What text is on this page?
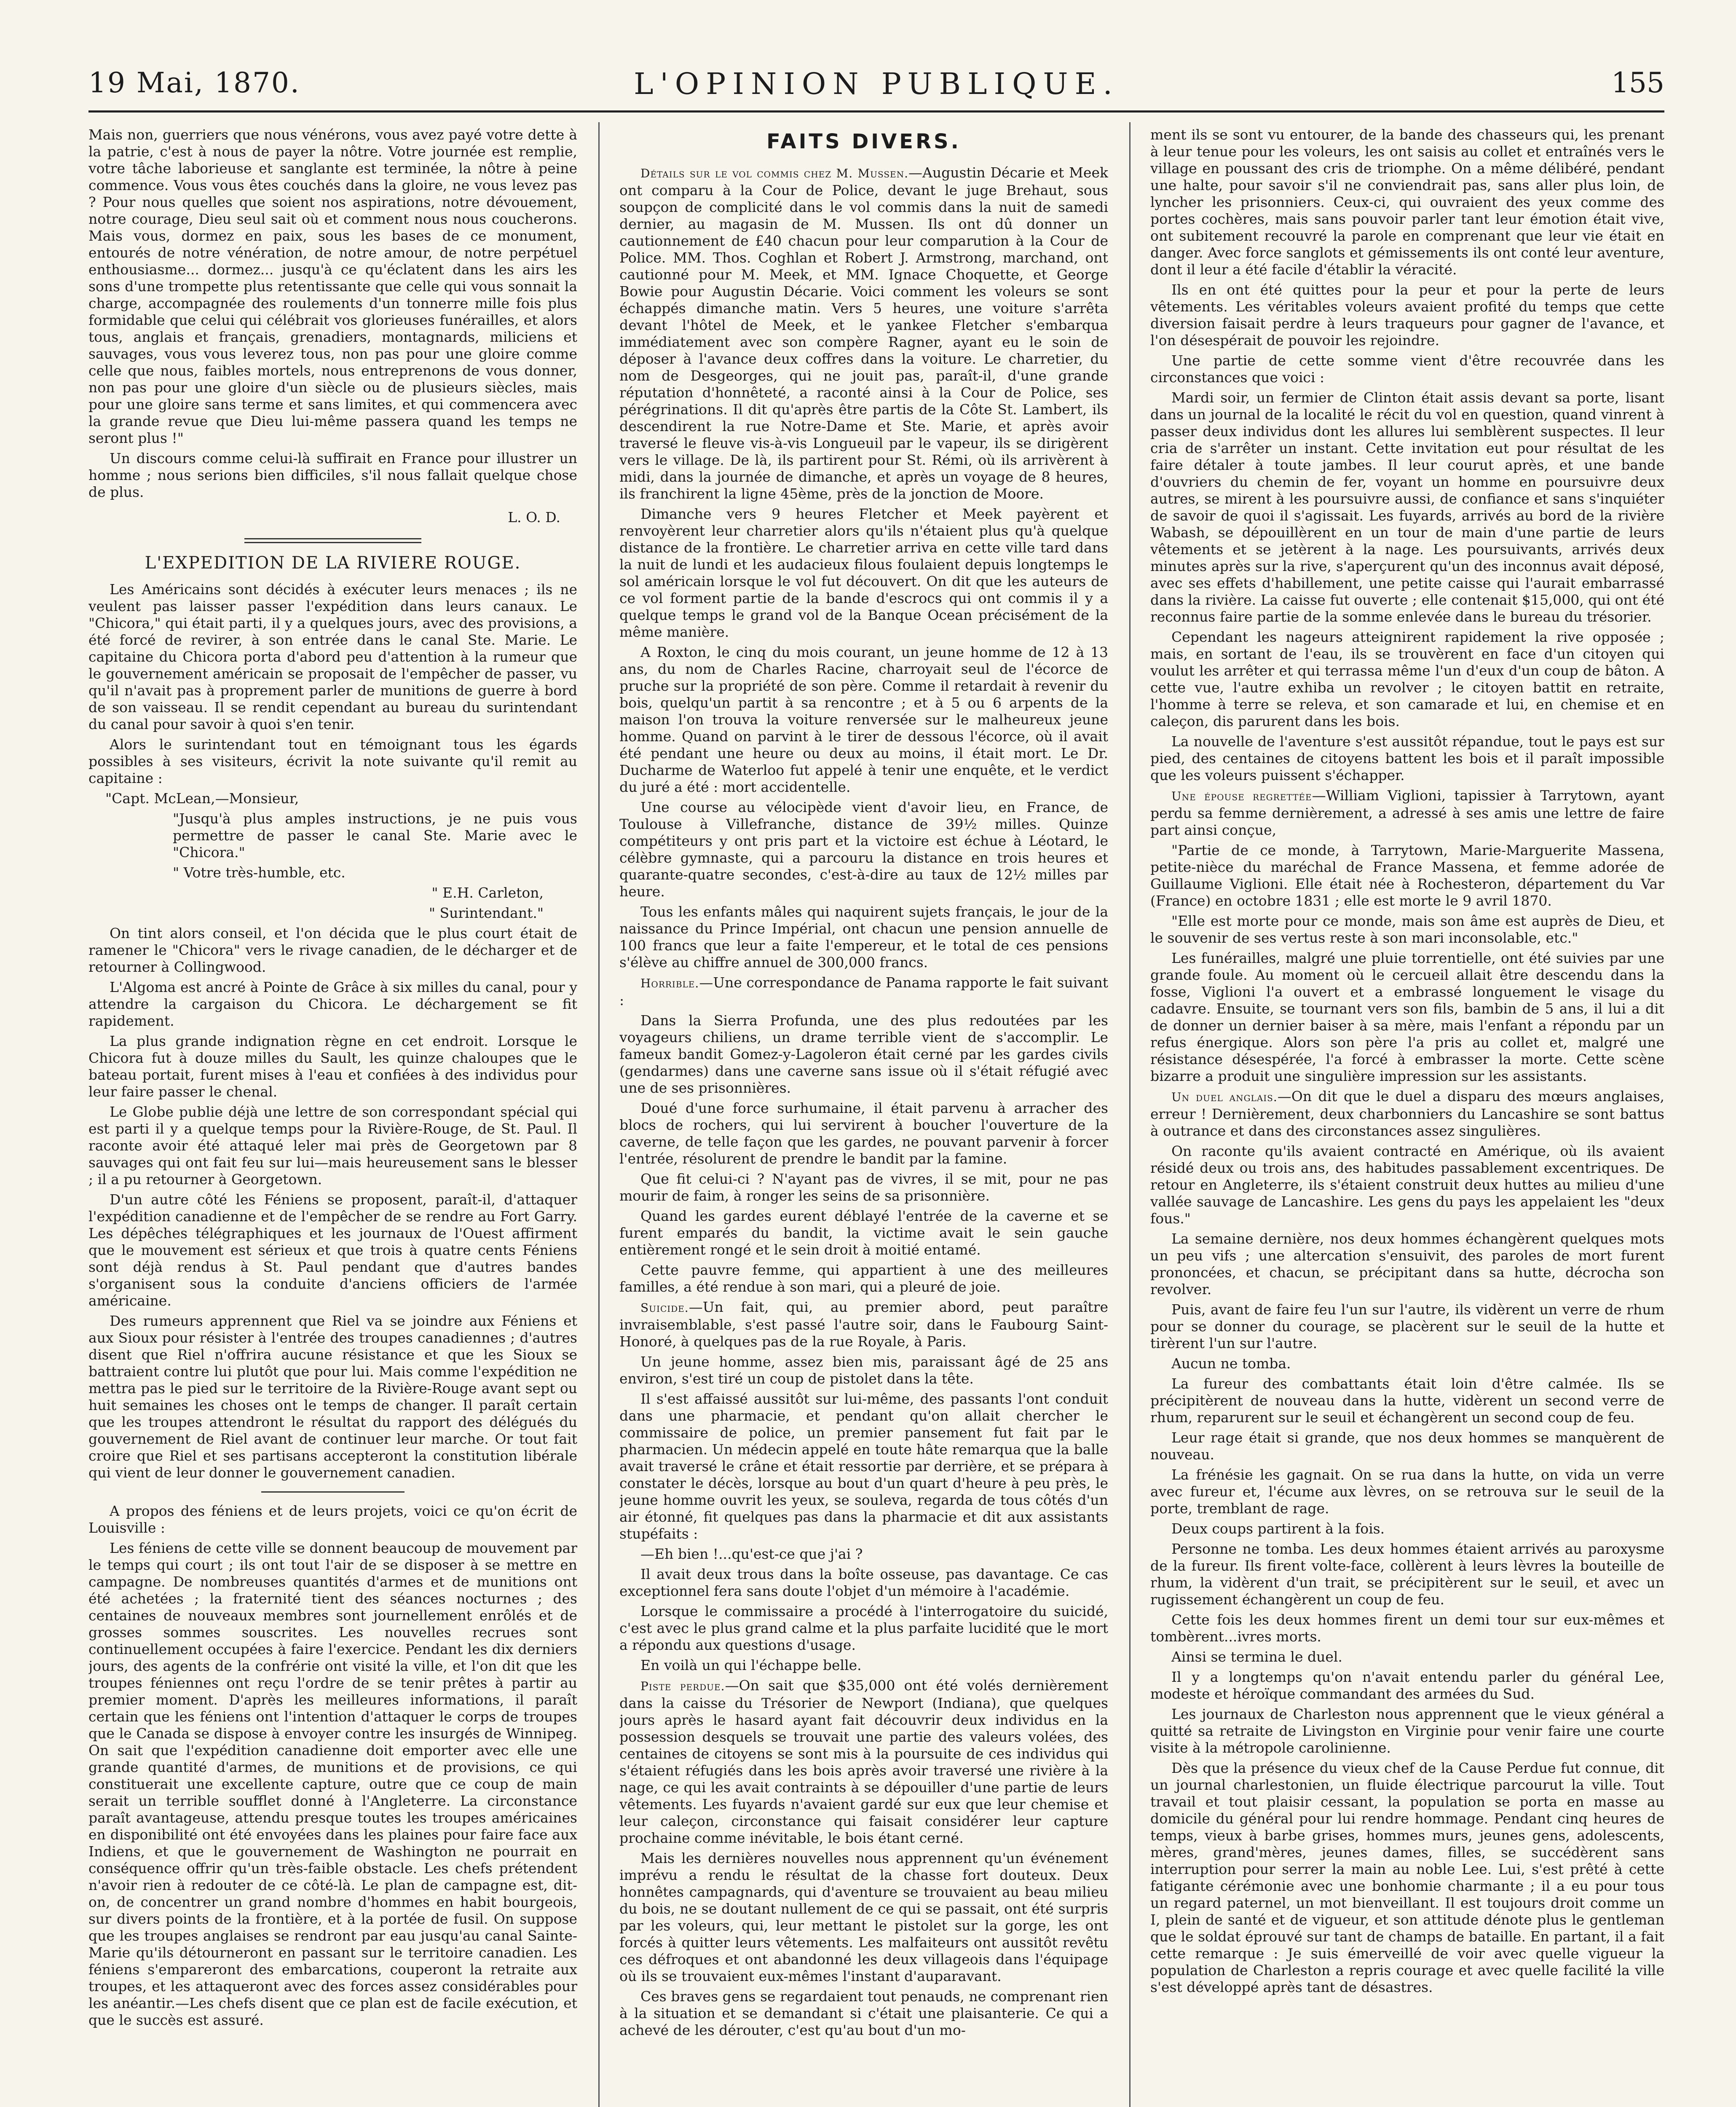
19 Mai, 1870.	L'OPINION PUBLIQUE.	155

Mais non, guerriers que nous vénérons, vous avez payé votre dette à la patrie, c'est à nous de payer la nôtre. Votre journée est remplie, votre tâche laborieuse et sanglante est terminée, la nôtre à peine commence. Vous vous êtes couchés dans la gloire, ne vous levez pas ? Pour nous quelles que soient nos aspirations, notre dévouement, notre courage, Dieu seul sait où et comment nous nous coucherons. Mais vous, dormez en paix, sous les bases de ce monument, entourés de notre vénération, de notre amour, de notre perpétuel enthousiasme... dormez... jusqu'à ce qu'éclatent dans les airs les sons d'une trompette plus retentissante que celle qui vous sonnait la charge, accompagnée des roulements d'un tonnerre mille fois plus formidable que celui qui célébrait vos glorieuses funérailles, et alors tous, anglais et français, grenadiers, montagnards, miliciens et sauvages, vous vous leverez tous, non pas pour une gloire comme celle que nous, faibles mortels, nous entreprenons de vous donner, non pas pour une gloire d'un siècle ou de plusieurs siècles, mais pour une gloire sans terme et sans limites, et qui commencera avec la grande revue que Dieu lui-même passera quand les temps ne seront plus !"

Un discours comme celui-là suffirait en France pour illustrer un homme ; nous serions bien difficiles, s'il nous fallait quelque chose de plus.

L. O. D.
L'EXPEDITION DE LA RIVIERE ROUGE.

Les Américains sont décidés à exécuter leurs menaces ; ils ne veulent pas laisser passer l'expédition dans leurs canaux. Le "Chicora," qui était parti, il y a quelques jours, avec des provisions, a été forcé de revirer, à son entrée dans le canal Ste. Marie. Le capitaine du Chicora porta d'abord peu d'attention à la rumeur que le gouvernement américain se proposait de l'empêcher de passer, vu qu'il n'avait pas à proprement parler de munitions de guerre à bord de son vaisseau. Il se rendit cependant au bureau du surintendant du canal pour savoir à quoi s'en tenir.

Alors le surintendant tout en témoignant tous les égards possibles à ses visiteurs, écrivit la note suivante qu'il remit au capitaine :

"Capt. McLean,—Monsieur,

"Jusqu'à plus amples instructions, je ne puis vous permettre de passer le canal Ste. Marie avec le "Chicora."

" Votre très-humble, etc.

" E.H. Carleton,

" Surintendant."

On tint alors conseil, et l'on décida que le plus court était de ramener le "Chicora" vers le rivage canadien, de le décharger et de retourner à Collingwood.

L'Algoma est ancré à Pointe de Grâce à six milles du canal, pour y attendre la cargaison du Chicora. Le déchargement se fit rapidement.

La plus grande indignation règne en cet endroit. Lorsque le Chicora fut à douze milles du Sault, les quinze chaloupes que le bateau portait, furent mises à l'eau et confiées à des individus pour leur faire passer le chenal.

Le Globe publie déjà une lettre de son correspondant spécial qui est parti il y a quelque temps pour la Rivière-Rouge, de St. Paul. Il raconte avoir été attaqué leler mai près de Georgetown par 8 sauvages qui ont fait feu sur lui—mais heureusement sans le blesser ; il a pu retourner à Georgetown.

D'un autre côté les Féniens se proposent, paraît-il, d'attaquer l'expédition canadienne et de l'empêcher de se rendre au Fort Garry. Les dépêches télégraphiques et les journaux de l'Ouest affirment que le mouvement est sérieux et que trois à quatre cents Féniens sont déjà rendus à St. Paul pendant que d'autres bandes s'organisent sous la conduite d'anciens officiers de l'armée américaine.

Des rumeurs apprennent que Riel va se joindre aux Féniens et aux Sioux pour résister à l'entrée des troupes canadiennes ; d'autres disent que Riel n'offrira aucune résistance et que les Sioux se battraient contre lui plutôt que pour lui. Mais comme l'expédition ne mettra pas le pied sur le territoire de la Rivière-Rouge avant sept ou huit semaines les choses ont le temps de changer. Il paraît certain que les troupes attendront le résultat du rapport des délégués du gouvernement de Riel avant de continuer leur marche. Or tout fait croire que Riel et ses partisans accepteront la constitution libérale qui vient de leur donner le gouvernement canadien.

A propos des féniens et de leurs projets, voici ce qu'on écrit de Louisville :

Les féniens de cette ville se donnent beaucoup de mouvement par le temps qui court ; ils ont tout l'air de se disposer à se mettre en campagne. De nombreuses quantités d'armes et de munitions ont été achetées ; la fraternité tient des séances nocturnes ; des centaines de nouveaux membres sont journellement enrôlés et de grosses sommes souscrites. Les nouvelles recrues sont continuellement occupées à faire l'exercice. Pendant les dix derniers jours, des agents de la confrérie ont visité la ville, et l'on dit que les troupes féniennes ont reçu l'ordre de se tenir prêtes à partir au premier moment. D'après les meilleures informations, il paraît certain que les féniens ont l'intention d'attaquer le corps de troupes que le Canada se dispose à envoyer contre les insurgés de Winnipeg. On sait que l'expédition canadienne doit emporter avec elle une grande quantité d'armes, de munitions et de provisions, ce qui constituerait une excellente capture, outre que ce coup de main serait un terrible soufflet donné à l'Angleterre. La circonstance paraît avantageuse, attendu presque toutes les troupes américaines en disponibilité ont été envoyées dans les plaines pour faire face aux Indiens, et que le gouvernement de Washington ne pourrait en conséquence offrir qu'un très-faible obstacle. Les chefs prétendent n'avoir rien à redouter de ce côté-là. Le plan de campagne est, dit-on, de concentrer un grand nombre d'hommes en habit bourgeois, sur divers points de la frontière, et à la portée de fusil. On suppose que les troupes anglaises se rendront par eau jusqu'au canal Sainte-Marie qu'ils détourneront en passant sur le territoire canadien. Les féniens s'empareront des embarcations, couperont la retraite aux troupes, et les attaqueront avec des forces assez considérables pour les anéantir.—Les chefs disent que ce plan est de facile exécution, et que le succès est assuré.

FAITS DIVERS.

Détails sur le vol commis chez M. Mussen.—Augustin Décarie et Meek ont comparu à la Cour de Police, devant le juge Brehaut, sous soupçon de complicité dans le vol commis dans la nuit de samedi dernier, au magasin de M. Mussen. Ils ont dû donner un cautionnement de £40 chacun pour leur comparution à la Cour de Police. MM. Thos. Coghlan et Robert J. Armstrong, marchand, ont cautionné pour M. Meek, et MM. Ignace Choquette, et George Bowie pour Augustin Décarie. Voici comment les voleurs se sont échappés dimanche matin. Vers 5 heures, une voiture s'arrêta devant l'hôtel de Meek, et le yankee Fletcher s'embarqua immédiatement avec son compère Ragner, ayant eu le soin de déposer à l'avance deux coffres dans la voiture. Le charretier, du nom de Desgeorges, qui ne jouit pas, paraît-il, d'une grande réputation d'honnêteté, a raconté ainsi à la Cour de Police, ses pérégrinations. Il dit qu'après être partis de la Côte St. Lambert, ils descendirent la rue Notre-Dame et Ste. Marie, et après avoir traversé le fleuve vis-à-vis Longueuil par le vapeur, ils se dirigèrent vers le village. De là, ils partirent pour St. Rémi, où ils arrivèrent à midi, dans la journée de dimanche, et après un voyage de 8 heures, ils franchirent la ligne 45ème, près de la jonction de Moore.

Dimanche vers 9 heures Fletcher et Meek payèrent et renvoyèrent leur charretier alors qu'ils n'étaient plus qu'à quelque distance de la frontière. Le charretier arriva en cette ville tard dans la nuit de lundi et les audacieux filous foulaient depuis longtemps le sol américain lorsque le vol fut découvert. On dit que les auteurs de ce vol forment partie de la bande d'escrocs qui ont commis il y a quelque temps le grand vol de la Banque Ocean précisément de la même manière.

A Roxton, le cinq du mois courant, un jeune homme de 12 à 13 ans, du nom de Charles Racine, charroyait seul de l'écorce de pruche sur la propriété de son père. Comme il retardait à revenir du bois, quelqu'un partit à sa rencontre ; et à 5 ou 6 arpents de la maison l'on trouva la voiture renversée sur le malheureux jeune homme. Quand on parvint à le tirer de dessous l'écorce, où il avait été pendant une heure ou deux au moins, il était mort. Le Dr. Ducharme de Waterloo fut appelé à tenir une enquête, et le verdict du juré a été : mort accidentelle.

Une course au vélocipède vient d'avoir lieu, en France, de Toulouse à Villefranche, distance de 39½ milles. Quinze compétiteurs y ont pris part et la victoire est échue à Léotard, le célèbre gymnaste, qui a parcouru la distance en trois heures et quarante-quatre secondes, c'est-à-dire au taux de 12½ milles par heure.

Tous les enfants mâles qui naquirent sujets français, le jour de la naissance du Prince Impérial, ont chacun une pension annuelle de 100 francs que leur a faite l'empereur, et le total de ces pensions s'élève au chiffre annuel de 300,000 francs.

Horrible.—Une correspondance de Panama rapporte le fait suivant :

Dans la Sierra Profunda, une des plus redoutées par les voyageurs chiliens, un drame terrible vient de s'accomplir. Le fameux bandit Gomez-y-Lagoleron était cerné par les gardes civils (gendarmes) dans une caverne sans issue où il s'était réfugié avec une de ses prisonnières.

Doué d'une force surhumaine, il était parvenu à arracher des blocs de rochers, qui lui servirent à boucher l'ouverture de la caverne, de telle façon que les gardes, ne pouvant parvenir à forcer l'entrée, résolurent de prendre le bandit par la famine.

Que fit celui-ci ? N'ayant pas de vivres, il se mit, pour ne pas mourir de faim, à ronger les seins de sa prisonnière.

Quand les gardes eurent déblayé l'entrée de la caverne et se furent emparés du bandit, la victime avait le sein gauche entièrement rongé et le sein droit à moitié entamé.

Cette pauvre femme, qui appartient à une des meilleures familles, a été rendue à son mari, qui a pleuré de joie.

Suicide.—Un fait, qui, au premier abord, peut paraître invraisemblable, s'est passé l'autre soir, dans le Faubourg Saint-Honoré, à quelques pas de la rue Royale, à Paris.

Un jeune homme, assez bien mis, paraissant âgé de 25 ans environ, s'est tiré un coup de pistolet dans la tête.

Il s'est affaissé aussitôt sur lui-même, des passants l'ont conduit dans une pharmacie, et pendant qu'on allait chercher le commissaire de police, un premier pansement fut fait par le pharmacien. Un médecin appelé en toute hâte remarqua que la balle avait traversé le crâne et était ressortie par derrière, et se prépara à constater le décès, lorsque au bout d'un quart d'heure à peu près, le jeune homme ouvrit les yeux, se souleva, regarda de tous côtés d'un air étonné, fit quelques pas dans la pharmacie et dit aux assistants stupéfaits :

—Eh bien !...qu'est-ce que j'ai ?

Il avait deux trous dans la boîte osseuse, pas davantage. Ce cas exceptionnel fera sans doute l'objet d'un mémoire à l'académie.

Lorsque le commissaire a procédé à l'interrogatoire du suicidé, c'est avec le plus grand calme et la plus parfaite lucidité que le mort a répondu aux questions d'usage.

En voilà un qui l'échappe belle.

Piste perdue.—On sait que $35,000 ont été volés dernièrement dans la caisse du Trésorier de Newport (Indiana), que quelques jours après le hasard ayant fait découvrir deux individus en la possession desquels se trouvait une partie des valeurs volées, des centaines de citoyens se sont mis à la poursuite de ces individus qui s'étaient réfugiés dans les bois après avoir traversé une rivière à la nage, ce qui les avait contraints à se dépouiller d'une partie de leurs vêtements. Les fuyards n'avaient gardé sur eux que leur chemise et leur caleçon, circonstance qui faisait considérer leur capture prochaine comme inévitable, le bois étant cerné.

Mais les dernières nouvelles nous apprennent qu'un événement imprévu a rendu le résultat de la chasse fort douteux. Deux honnêtes campagnards, qui d'aventure se trouvaient au beau milieu du bois, ne se doutant nullement de ce qui se passait, ont été surpris par les voleurs, qui, leur mettant le pistolet sur la gorge, les ont forcés à quitter leurs vêtements. Les malfaiteurs ont aussitôt revêtu ces défroques et ont abandonné les deux villageois dans l'équipage où ils se trouvaient eux-mêmes l'instant d'auparavant.

Ces braves gens se regardaient tout penauds, ne comprenant rien à la situation et se demandant si c'était une plaisanterie. Ce qui a achevé de les dérouter, c'est qu'au bout d'un mo-

ment ils se sont vu entourer, de la bande des chasseurs qui, les prenant à leur tenue pour les voleurs, les ont saisis au collet et entraînés vers le village en poussant des cris de triomphe. On a même délibéré, pendant une halte, pour savoir s'il ne conviendrait pas, sans aller plus loin, de lyncher les prisonniers. Ceux-ci, qui ouvraient des yeux comme des portes cochères, mais sans pouvoir parler tant leur émotion était vive, ont subitement recouvré la parole en comprenant que leur vie était en danger. Avec force sanglots et gémissements ils ont conté leur aventure, dont il leur a été facile d'établir la véracité.

Ils en ont été quittes pour la peur et pour la perte de leurs vêtements. Les véritables voleurs avaient profité du temps que cette diversion faisait perdre à leurs traqueurs pour gagner de l'avance, et l'on désespérait de pouvoir les rejoindre.

Une partie de cette somme vient d'être recouvrée dans les circonstances que voici :

Mardi soir, un fermier de Clinton était assis devant sa porte, lisant dans un journal de la localité le récit du vol en question, quand vinrent à passer deux individus dont les allures lui semblèrent suspectes. Il leur cria de s'arrêter un instant. Cette invitation eut pour résultat de les faire détaler à toute jambes. Il leur courut après, et une bande d'ouvriers du chemin de fer, voyant un homme en poursuivre deux autres, se mirent à les poursuivre aussi, de confiance et sans s'inquiéter de savoir de quoi il s'agissait. Les fuyards, arrivés au bord de la rivière Wabash, se dépouillèrent en un tour de main d'une partie de leurs vêtements et se jetèrent à la nage. Les poursuivants, arrivés deux minutes après sur la rive, s'aperçurent qu'un des inconnus avait déposé, avec ses effets d'habillement, une petite caisse qui l'aurait embarrassé dans la rivière. La caisse fut ouverte ; elle contenait $15,000, qui ont été reconnus faire partie de la somme enlevée dans le bureau du trésorier.

Cependant les nageurs atteignirent rapidement la rive opposée ; mais, en sortant de l'eau, ils se trouvèrent en face d'un citoyen qui voulut les arrêter et qui terrassa même l'un d'eux d'un coup de bâton. A cette vue, l'autre exhiba un revolver ; le citoyen battit en retraite, l'homme à terre se releva, et son camarade et lui, en chemise et en caleçon, dis parurent dans les bois.

La nouvelle de l'aventure s'est aussitôt répandue, tout le pays est sur pied, des centaines de citoyens battent les bois et il paraît impossible que les voleurs puissent s'échapper.

Une épouse regrettée—William Viglioni, tapissier à Tarrytown, ayant perdu sa femme dernièrement, a adressé à ses amis une lettre de faire part ainsi conçue,

"Partie de ce monde, à Tarrytown, Marie-Marguerite Massena, petite-nièce du maréchal de France Massena, et femme adorée de Guillaume Viglioni. Elle était née à Rochesteron, département du Var (France) en octobre 1831 ; elle est morte le 9 avril 1870.

"Elle est morte pour ce monde, mais son âme est auprès de Dieu, et le souvenir de ses vertus reste à son mari inconsolable, etc."

Les funérailles, malgré une pluie torrentielle, ont été suivies par une grande foule. Au moment où le cercueil allait être descendu dans la fosse, Viglioni l'a ouvert et a embrassé longuement le visage du cadavre. Ensuite, se tournant vers son fils, bambin de 5 ans, il lui a dit de donner un dernier baiser à sa mère, mais l'enfant a répondu par un refus énergique. Alors son père l'a pris au collet et, malgré une résistance désespérée, l'a forcé à embrasser la morte. Cette scène bizarre a produit une singulière impression sur les assistants.

Un duel anglais.—On dit que le duel a disparu des mœurs anglaises, erreur ! Dernièrement, deux charbonniers du Lancashire se sont battus à outrance et dans des circonstances assez singulières.

On raconte qu'ils avaient contracté en Amérique, où ils avaient résidé deux ou trois ans, des habitudes passablement excentriques. De retour en Angleterre, ils s'étaient construit deux huttes au milieu d'une vallée sauvage de Lancashire. Les gens du pays les appelaient les "deux fous."

La semaine dernière, nos deux hommes échangèrent quelques mots un peu vifs ; une altercation s'ensuivit, des paroles de mort furent prononcées, et chacun, se précipitant dans sa hutte, décrocha son revolver.

Puis, avant de faire feu l'un sur l'autre, ils vidèrent un verre de rhum pour se donner du courage, se placèrent sur le seuil de la hutte et tirèrent l'un sur l'autre.

Aucun ne tomba.

La fureur des combattants était loin d'être calmée. Ils se précipitèrent de nouveau dans la hutte, vidèrent un second verre de rhum, reparurent sur le seuil et échangèrent un second coup de feu.

Leur rage était si grande, que nos deux hommes se manquèrent de nouveau.

La frénésie les gagnait. On se rua dans la hutte, on vida un verre avec fureur et, l'écume aux lèvres, on se retrouva sur le seuil de la porte, tremblant de rage.

Deux coups partirent à la fois.

Personne ne tomba. Les deux hommes étaient arrivés au paroxysme de la fureur. Ils firent volte-face, collèrent à leurs lèvres la bouteille de rhum, la vidèrent d'un trait, se précipitèrent sur le seuil, et avec un rugissement échangèrent un coup de feu.

Cette fois les deux hommes firent un demi tour sur eux-mêmes et tombèrent...ivres morts.

Ainsi se termina le duel.

Il y a longtemps qu'on n'avait entendu parler du général Lee, modeste et héroïque commandant des armées du Sud.

Les journaux de Charleston nous apprennent que le vieux général a quitté sa retraite de Livingston en Virginie pour venir faire une courte visite à la métropole carolinienne.

Dès que la présence du vieux chef de la Cause Perdue fut connue, dit un journal charlestonien, un fluide électrique parcourut la ville. Tout travail et tout plaisir cessant, la population se porta en masse au domicile du général pour lui rendre hommage. Pendant cinq heures de temps, vieux à barbe grises, hommes murs, jeunes gens, adolescents, mères, grand'mères, jeunes dames, filles, se succédèrent sans interruption pour serrer la main au noble Lee. Lui, s'est prêté à cette fatigante cérémonie avec une bonhomie charmante ; il a eu pour tous un regard paternel, un mot bienveillant. Il est toujours droit comme un I, plein de santé et de vigueur, et son attitude dénote plus le gentleman que le soldat éprouvé sur tant de champs de bataille. En partant, il a fait cette remarque : Je suis émerveillé de voir avec quelle vigueur la population de Charleston a repris courage et avec quelle facilité la ville s'est développé après tant de désastres.
